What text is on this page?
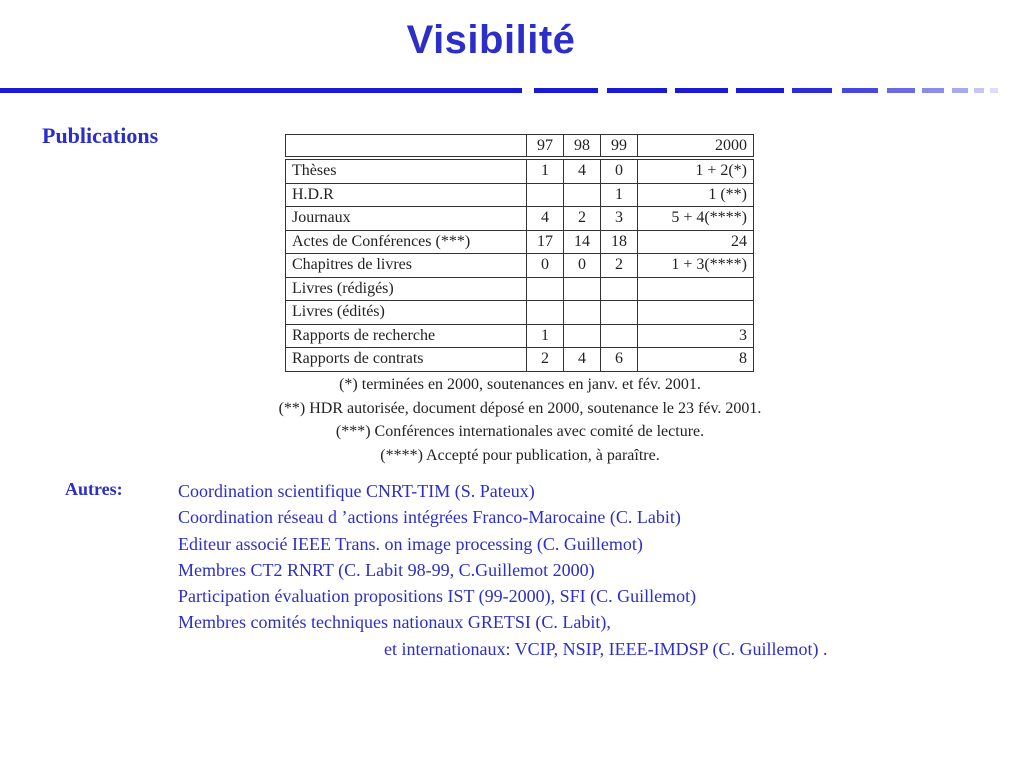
Visibilité
Publications
		97	98	99	2000
Thèses	1	4	0	1 + 2(*)
H.D.R			1	1 (**)
Journaux	4	2	3	5 + 4(****)
Actes de Conférences (***)	17	14	18	24
Chapitres de livres	0	0	2	1 + 3(****)
Livres (rédigés)				
Livres (édités)				
Rapports de recherche	1			3
Rapports de contrats	2	4	6	8
(*) terminées en 2000, soutenances en janv. et fév. 2001.
(**) HDR autorisée, document déposé en 2000, soutenance le 23 fév. 2001.
(***) Conférences internationales avec comité de lecture.
(****) Accepté pour publication, à paraître.
Autres:	Coordination scientifique CNRT-TIM (S. Pateux)
Coordination réseau d ’actions intégrées Franco-Marocaine (C. Labit)
Editeur associé IEEE Trans. on image processing (C. Guillemot)
Membres CT2 RNRT (C. Labit 98-99, C.Guillemot 2000)
Participation évaluation propositions IST (99-2000), SFI (C. Guillemot)
Membres comités techniques nationaux GRETSI (C. Labit),
et internationaux: VCIP, NSIP, IEEE-IMDSP (C. Guillemot) .
